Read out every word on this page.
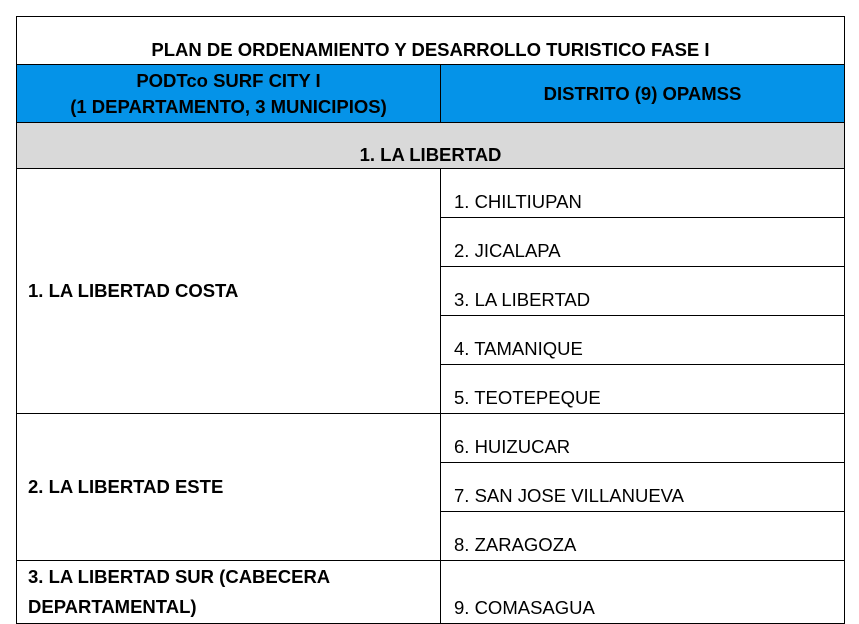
PLAN DE ORDENAMIENTO Y DESARROLLO TURISTICO FASE I	

PODTco SURF CITY I
(1 DEPARTAMENTO, 3 MUNICIPIOS)	DISTRITO (9) OPAMSS
1. LA LIBERTAD	
1. LA LIBERTAD COSTA	1. CHILTIUPAN
	2. JICALAPA
	3. LA LIBERTAD
	4. TAMANIQUE
	5. TEOTEPEQUE
2. LA LIBERTAD ESTE	6. HUIZUCAR
	7. SAN JOSE VILLANUEVA
	8. ZARAGOZA
3. LA LIBERTAD SUR (CABECERA DEPARTAMENTAL)	9. COMASAGUA
